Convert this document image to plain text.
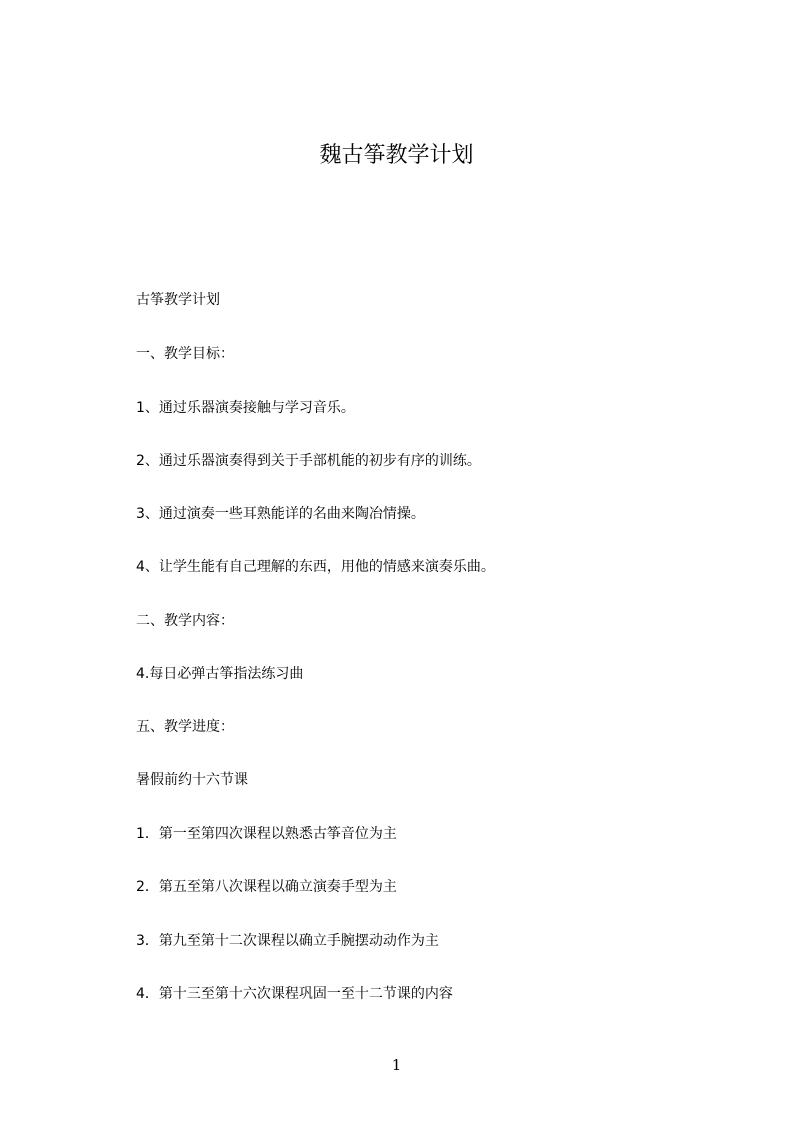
魏古筝教学计划

古筝教学计划

一、教学目标：

1、通过乐器演奏接触与学习音乐。

2、通过乐器演奏得到关于手部机能的初步有序的训练。

3、通过演奏一些耳熟能详的名曲来陶冶情操。

4、让学生能有自己理解的东西，用他的情感来演奏乐曲。

二、教学内容：

4.每日必弹古筝指法练习曲

五、教学进度：

暑假前约十六节课

1．第一至第四次课程以熟悉古筝音位为主

2．第五至第八次课程以确立演奏手型为主

3．第九至第十二次课程以确立手腕摆动动作为主

4．第十三至第十六次课程巩固一至十二节课的内容

1
